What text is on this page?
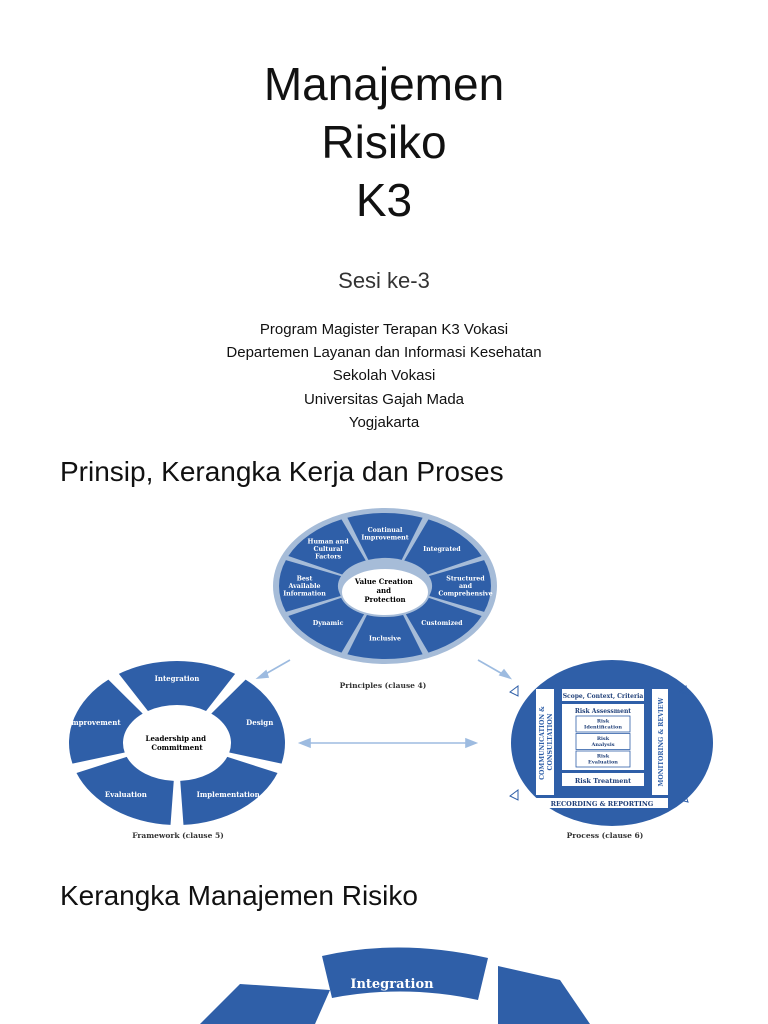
Manajemen
Risiko
K3
Sesi ke-3
Program Magister Terapan K3 Vokasi
Departemen Layanan dan Informasi Kesehatan
Sekolah Vokasi
Universitas Gajah Mada
Yogjakarta
Prinsip, Kerangka Kerja dan Proses
Value Creation and Protection
Continual Improvement
Integrated
Structured and Comprehensive
Customized
Inclusive
Dynamic
Best Available Information
Human and Cultural Factors
Principles (clause 4)
Leadership and Commitment
Integration
Design
Implementation
Evaluation
Improvement
Framework (clause 5)
COMMUNICATION & CONSULTATION	MONITORING & REVIEW
Scope, Context, Criteria
Risk Assessment
Risk Identification
Risk Analysis
Risk Evaluation
Risk Treatment
RECORDING & REPORTING
Process (clause 6)
Kerangka Manajemen Risiko
Integration
